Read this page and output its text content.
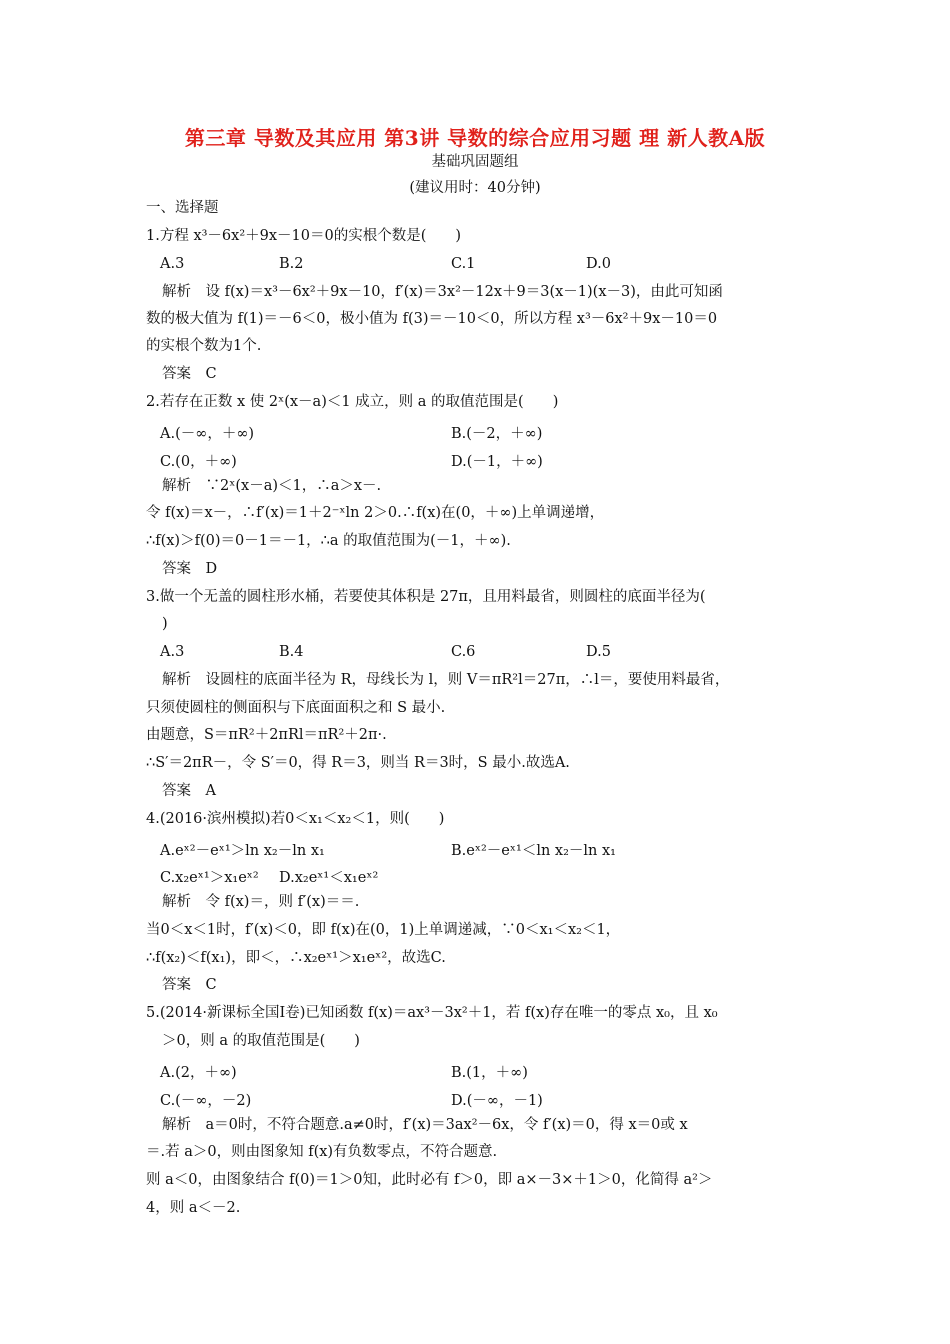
第三章 导数及其应用 第3讲 导数的综合应用习题 理 新人教A版
基础巩固题组
(建议用时：40分钟)
一、选择题
1.方程 x³－6x²＋9x－10＝0的实根个数是(　　)
A.3	B.2	C.1	D.0
解析　设 f(x)＝x³－6x²＋9x－10，f′(x)＝3x²－12x＋9＝3(x－1)(x－3)，由此可知函
数的极大值为 f(1)＝－6＜0，极小值为 f(3)＝－10＜0，所以方程 x³－6x²＋9x－10＝0
的实根个数为1个.
答案　C
2.若存在正数 x 使 2ˣ(x－a)＜1 成立，则 a 的取值范围是(　　)
A.(－∞，＋∞)	B.(－2，＋∞)
C.(0，＋∞)	D.(－1，＋∞)
解析　∵2ˣ(x－a)＜1，∴a＞x－.
令 f(x)＝x－，∴f′(x)＝1＋2⁻ˣln 2＞0.∴f(x)在(0，＋∞)上单调递增，
∴f(x)＞f(0)＝0－1＝－1，∴a 的取值范围为(－1，＋∞).
答案　D
3.做一个无盖的圆柱形水桶，若要使其体积是 27π，且用料最省，则圆柱的底面半径为(
)
A.3	B.4	C.6	D.5
解析　设圆柱的底面半径为 R，母线长为 l，则 V＝πR²l＝27π，∴l＝，要使用料最省，
只须使圆柱的侧面积与下底面面积之和 S 最小.
由题意，S＝πR²＋2πRl＝πR²＋2π·.
∴S′＝2πR－，令 S′＝0，得 R＝3，则当 R＝3时，S 最小.故选A.
答案　A
4.(2016·滨州模拟)若0＜x₁＜x₂＜1，则(　　)
A.eˣ²－eˣ¹＞ln x₂－ln x₁	B.eˣ²－eˣ¹＜ln x₂－ln x₁
C.x₂eˣ¹＞x₁eˣ² D.x₂eˣ¹＜x₁eˣ²
解析　令 f(x)＝，则 f′(x)＝＝.
当0＜x＜1时，f′(x)＜0，即 f(x)在(0，1)上单调递减，∵0＜x₁＜x₂＜1，
∴f(x₂)＜f(x₁)，即＜，∴x₂eˣ¹＞x₁eˣ²，故选C.
答案　C
5.(2014·新课标全国Ⅰ卷)已知函数 f(x)＝ax³－3x²＋1，若 f(x)存在唯一的零点 x₀，且 x₀
＞0，则 a 的取值范围是(　　)
A.(2，＋∞)	B.(1，＋∞)
C.(－∞，－2)	D.(－∞，－1)
解析　a＝0时，不符合题意.a≠0时，f′(x)＝3ax²－6x，令 f′(x)＝0，得 x＝0或 x
＝.若 a＞0，则由图象知 f(x)有负数零点，不符合题意.
则 a＜0，由图象结合 f(0)＝1＞0知，此时必有 f＞0，即 a×－3×＋1＞0，化简得 a²＞
4，则 a＜－2.
